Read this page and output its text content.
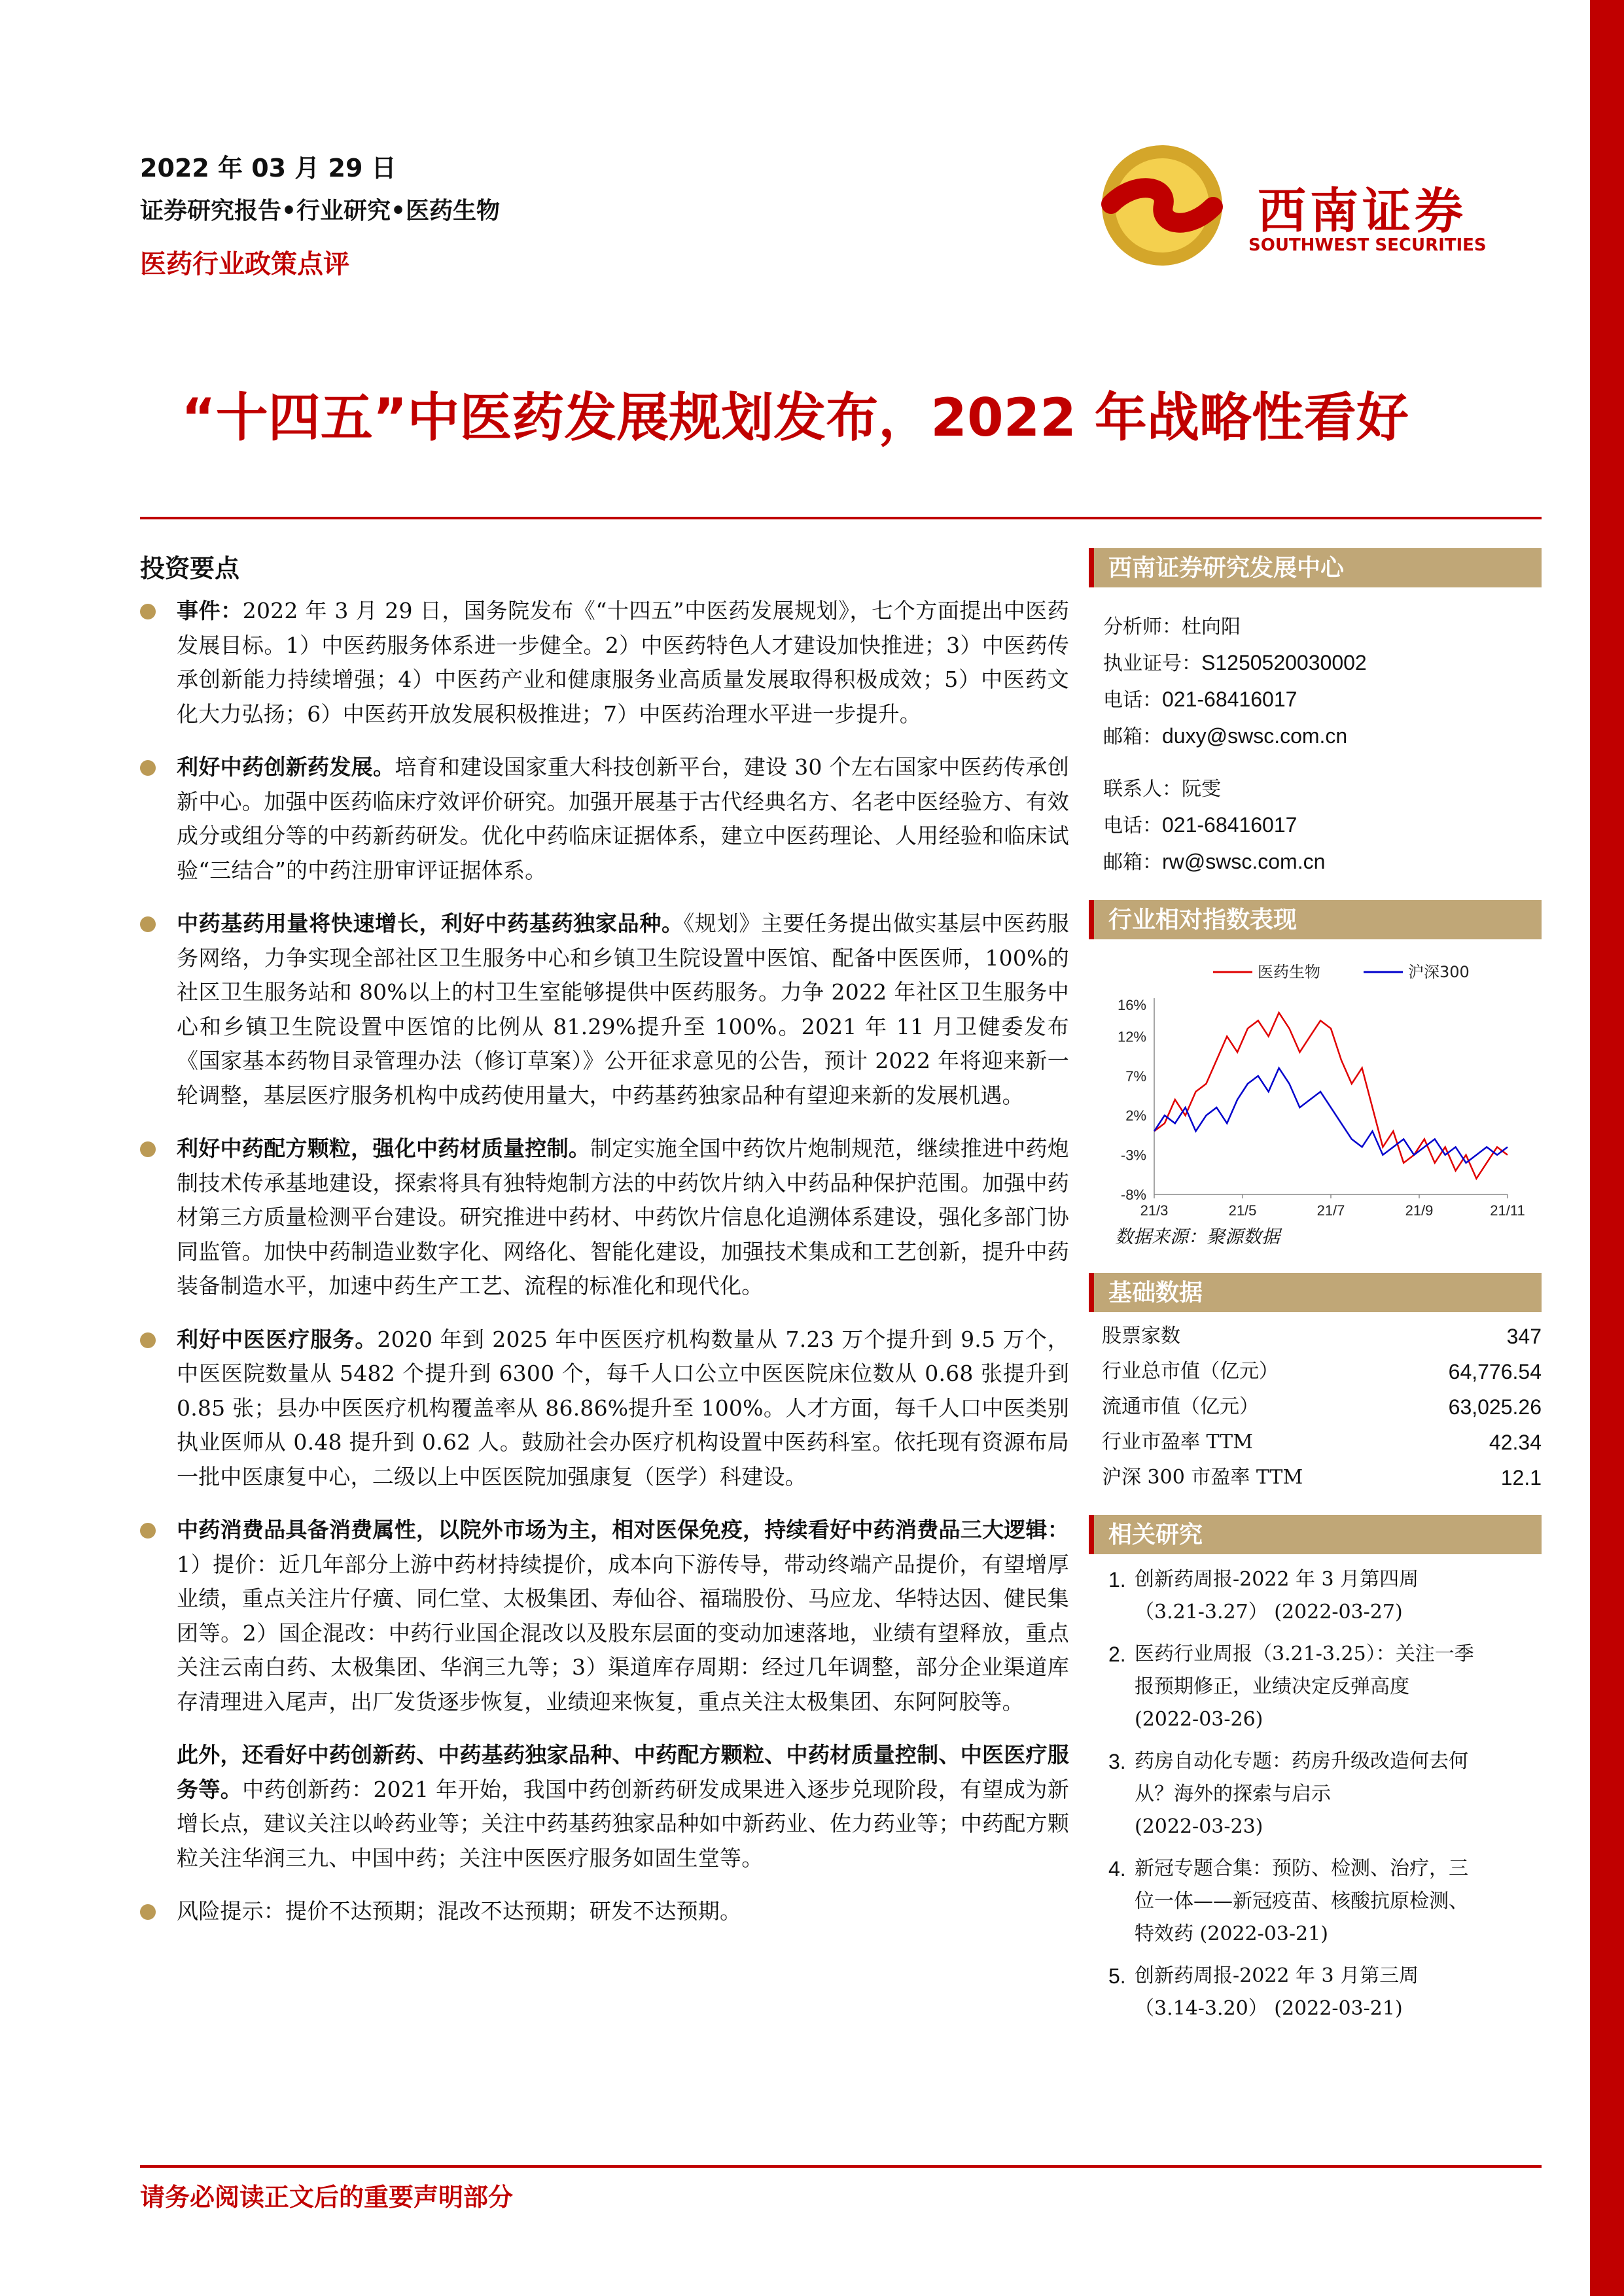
2022 年 03 月 29 日
证券研究报告•行业研究•医药生物
医药行业政策点评
西南证券
SOUTHWEST SECURITIES
“十四五”中医药发展规划发布，2022 年战略性看好
投资要点
事件：2022 年 3 月 29 日，国务院发布《“十四五”中医药发展规划》，七个方面提出中医药发展目标。1）中医药服务体系进一步健全。2）中医药特色人才建设加快推进；3）中医药传承创新能力持续增强；4）中医药产业和健康服务业高质量发展取得积极成效；5）中医药文化大力弘扬；6）中医药开放发展积极推进；7）中医药治理水平进一步提升。
利好中药创新药发展。培育和建设国家重大科技创新平台，建设 30 个左右国家中医药传承创新中心。加强中医药临床疗效评价研究。加强开展基于古代经典名方、名老中医经验方、有效成分或组分等的中药新药研发。优化中药临床证据体系，建立中医药理论、人用经验和临床试验“三结合”的中药注册审评证据体系。
中药基药用量将快速增长，利好中药基药独家品种。《规划》主要任务提出做实基层中医药服务网络，力争实现全部社区卫生服务中心和乡镇卫生院设置中医馆、配备中医医师，100%的社区卫生服务站和 80%以上的村卫生室能够提供中医药服务。力争 2022 年社区卫生服务中心和乡镇卫生院设置中医馆的比例从 81.29%提升至 100%。2021 年 11 月卫健委发布《国家基本药物目录管理办法（修订草案）》公开征求意见的公告，预计 2022 年将迎来新一轮调整，基层医疗服务机构中成药使用量大，中药基药独家品种有望迎来新的发展机遇。
利好中药配方颗粒，强化中药材质量控制。制定实施全国中药饮片炮制规范，继续推进中药炮制技术传承基地建设，探索将具有独特炮制方法的中药饮片纳入中药品种保护范围。加强中药材第三方质量检测平台建设。研究推进中药材、中药饮片信息化追溯体系建设，强化多部门协同监管。加快中药制造业数字化、网络化、智能化建设，加强技术集成和工艺创新，提升中药装备制造水平，加速中药生产工艺、流程的标准化和现代化。
利好中医医疗服务。2020 年到 2025 年中医医疗机构数量从 7.23 万个提升到 9.5 万个，中医医院数量从 5482 个提升到 6300 个，每千人口公立中医医院床位数从 0.68 张提升到 0.85 张；县办中医医疗机构覆盖率从 86.86%提升至 100%。人才方面，每千人口中医类别执业医师从 0.48 提升到 0.62 人。鼓励社会办医疗机构设置中医药科室。依托现有资源布局一批中医康复中心，二级以上中医医院加强康复（医学）科建设。
中药消费品具备消费属性，以院外市场为主，相对医保免疫，持续看好中药消费品三大逻辑：1）提价：近几年部分上游中药材持续提价，成本向下游传导，带动终端产品提价，有望增厚业绩，重点关注片仔癀、同仁堂、太极集团、寿仙谷、福瑞股份、马应龙、华特达因、健民集团等。2）国企混改：中药行业国企混改以及股东层面的变动加速落地，业绩有望释放，重点关注云南白药、太极集团、华润三九等；3）渠道库存周期：经过几年调整，部分企业渠道库存清理进入尾声，出厂发货逐步恢复，业绩迎来恢复，重点关注太极集团、东阿阿胶等。
此外，还看好中药创新药、中药基药独家品种、中药配方颗粒、中药材质量控制、中医医疗服务等。中药创新药：2021 年开始，我国中药创新药研发成果进入逐步兑现阶段，有望成为新增长点，建议关注以岭药业等；关注中药基药独家品种如中新药业、佐力药业等；中药配方颗粒关注华润三九、中国中药；关注中医医疗服务如固生堂等。
风险提示：提价不达预期；混改不达预期；研发不达预期。
请务必阅读正文后的重要声明部分
西南证券研究发展中心
分析师：杜向阳
执业证号：S1250520030002
电话：021-68416017
邮箱：duxy@swsc.com.cn
联系人：阮雯
电话：021-68416017
邮箱：rw@swsc.com.cn
行业相对指数表现
16%
12%
7%
2%
-3%
-8%
21/3	21/5	21/7	21/9	21/11
医药生物	沪深300
数据来源：聚源数据
基础数据
股票家数	347
行业总市值（亿元）	64,776.54
流通市值（亿元）	63,025.26
行业市盈率 TTM	42.34
沪深 300 市盈率 TTM	12.1
相关研究
1. 创新药周报-2022 年 3 月第四周
（3.21-3.27） (2022-03-27)
2. 医药行业周报（3.21-3.25）：关注一季
报预期修正，业绩决定反弹高度
(2022-03-26)
3. 药房自动化专题：药房升级改造何去何
从？海外的探索与启示
(2022-03-23)
4. 新冠专题合集：预防、检测、治疗，三
位一体——新冠疫苗、核酸抗原检测、
特效药 (2022-03-21)
5. 创新药周报-2022 年 3 月第三周
（3.14-3.20） (2022-03-21)
